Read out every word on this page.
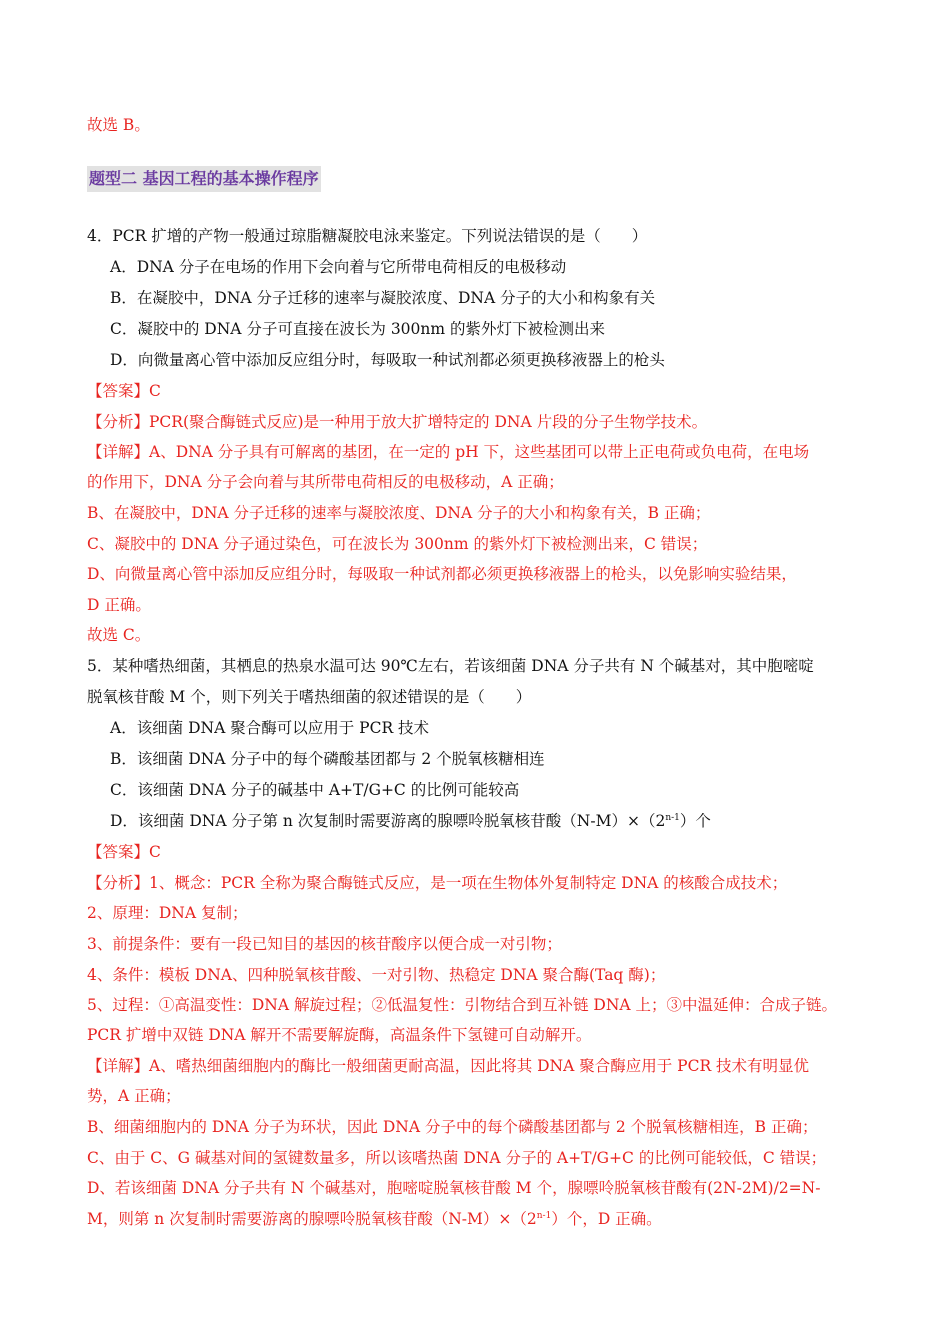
故选 B。
题型二 基因工程的基本操作程序
4．PCR 扩增的产物一般通过琼脂糖凝胶电泳来鉴定。下列说法错误的是（　　）
A．DNA 分子在电场的作用下会向着与它所带电荷相反的电极移动
B．在凝胶中，DNA 分子迁移的速率与凝胶浓度、DNA 分子的大小和构象有关
C．凝胶中的 DNA 分子可直接在波长为 300nm 的紫外灯下被检测出来
D．向微量离心管中添加反应组分时，每吸取一种试剂都必须更换移液器上的枪头
【答案】C
【分析】PCR(聚合酶链式反应)是一种用于放大扩增特定的 DNA 片段的分子生物学技术。
【详解】A、DNA 分子具有可解离的基团，在一定的 pH 下，这些基团可以带上正电荷或负电荷，在电场
的作用下，DNA 分子会向着与其所带电荷相反的电极移动，A 正确；
B、在凝胶中，DNA 分子迁移的速率与凝胶浓度、DNA 分子的大小和构象有关，B 正确；
C、凝胶中的 DNA 分子通过染色，可在波长为 300nm 的紫外灯下被检测出来，C 错误；
D、向微量离心管中添加反应组分时，每吸取一种试剂都必须更换移液器上的枪头，以免影响实验结果，
D 正确。
故选 C。
5．某种嗜热细菌，其栖息的热泉水温可达 90℃左右，若该细菌 DNA 分子共有 N 个碱基对，其中胞嘧啶
脱氧核苷酸 M 个，则下列关于嗜热细菌的叙述错误的是（　　）
A．该细菌 DNA 聚合酶可以应用于 PCR 技术
B．该细菌 DNA 分子中的每个磷酸基团都与 2 个脱氧核糖相连
C．该细菌 DNA 分子的碱基中 A+T/G+C 的比例可能较高
D．该细菌 DNA 分子第 n 次复制时需要游离的腺嘌呤脱氧核苷酸$(N-M)\times(2^{n-1})$个
【答案】C
【分析】1、概念：PCR 全称为聚合酶链式反应，是一项在生物体外复制特定 DNA 的核酸合成技术；
2、原理：DNA 复制；
3、前提条件：要有一段已知目的基因的核苷酸序以便合成一对引物；
4、条件：模板 DNA、四种脱氧核苷酸、一对引物、热稳定 DNA 聚合酶(Taq 酶)；
5、过程：①高温变性：DNA 解旋过程；②低温复性：引物结合到互补链 DNA 上；③中温延伸：合成子链。
PCR 扩增中双链 DNA 解开不需要解旋酶，高温条件下氢键可自动解开。
【详解】A、嗜热细菌细胞内的酶比一般细菌更耐高温，因此将其 DNA 聚合酶应用于 PCR 技术有明显优
势，A 正确；
B、细菌细胞内的 DNA 分子为环状，因此 DNA 分子中的每个磷酸基团都与 2 个脱氧核糖相连，B 正确；
C、由于 C、G 碱基对间的氢键数量多，所以该嗜热菌 DNA 分子的 A+T/G+C 的比例可能较低，C 错误；
D、若该细菌 DNA 分子共有 N 个碱基对，胞嘧啶脱氧核苷酸 M 个，腺嘌呤脱氧核苷酸有(2N-2M)/2=N-
M，则第 n 次复制时需要游离的腺嘌呤脱氧核苷酸$(N-M)\times(2^{n-1})$个，D 正确。
